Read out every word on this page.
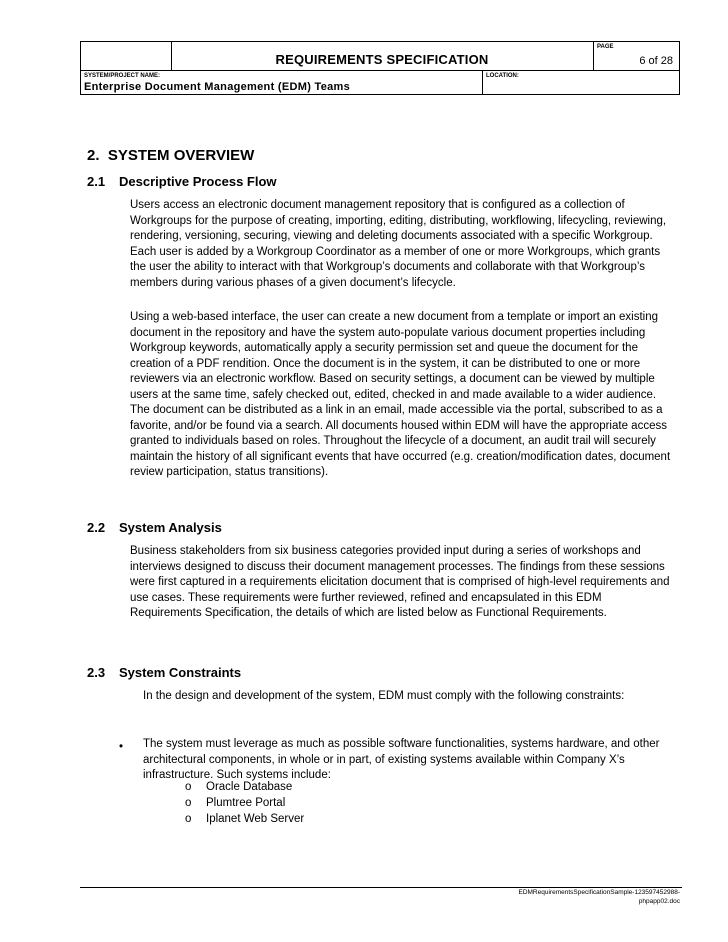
REQUIREMENTS SPECIFICATION
PAGE
6 of 28
SYSTEM/PROJECT NAME:
Enterprise Document Management (EDM) Teams
LOCATION:
2. SYSTEM OVERVIEW
2.1 Descriptive Process Flow

Users access an electronic document management repository that is configured as a collection of Workgroups for the purpose of creating, importing, editing, distributing, workflowing, lifecycling, reviewing, rendering, versioning, securing, viewing and deleting documents associated with a specific Workgroup. Each user is added by a Workgroup Coordinator as a member of one or more Workgroups, which grants the user the ability to interact with that Workgroup’s documents and collaborate with that Workgroup’s members during various phases of a given document’s lifecycle.

Using a web-based interface, the user can create a new document from a template or import an existing document in the repository and have the system auto-populate various document properties including Workgroup keywords, automatically apply a security permission set and queue the document for the creation of a PDF rendition. Once the document is in the system, it can be distributed to one or more reviewers via an electronic workflow. Based on security settings, a document can be viewed by multiple users at the same time, safely checked out, edited, checked in and made available to a wider audience. The document can be distributed as a link in an email, made accessible via the portal, subscribed to as a favorite, and/or be found via a search. All documents housed within EDM will have the appropriate access granted to individuals based on roles. Throughout the lifecycle of a document, an audit trail will securely maintain the history of all significant events that have occurred (e.g. creation/modification dates, document review participation, status transitions).

2.2 System Analysis

Business stakeholders from six business categories provided input during a series of workshops and interviews designed to discuss their document management processes. The findings from these sessions were first captured in a requirements elicitation document that is comprised of high-level requirements and use cases. These requirements were further reviewed, refined and encapsulated in this EDM Requirements Specification, the details of which are listed below as Functional Requirements.

2.3 System Constraints

In the design and development of the system, EDM must comply with the following constraints:

• The system must leverage as much as possible software functionalities, systems hardware, and other architectural components, in whole or in part, of existing systems available within Company X’s infrastructure. Such systems include:

o Oracle Database
o Plumtree Portal
o Iplanet Web Server
EDMRequirementsSpecificationSample-123597452988-
phpapp02.doc
